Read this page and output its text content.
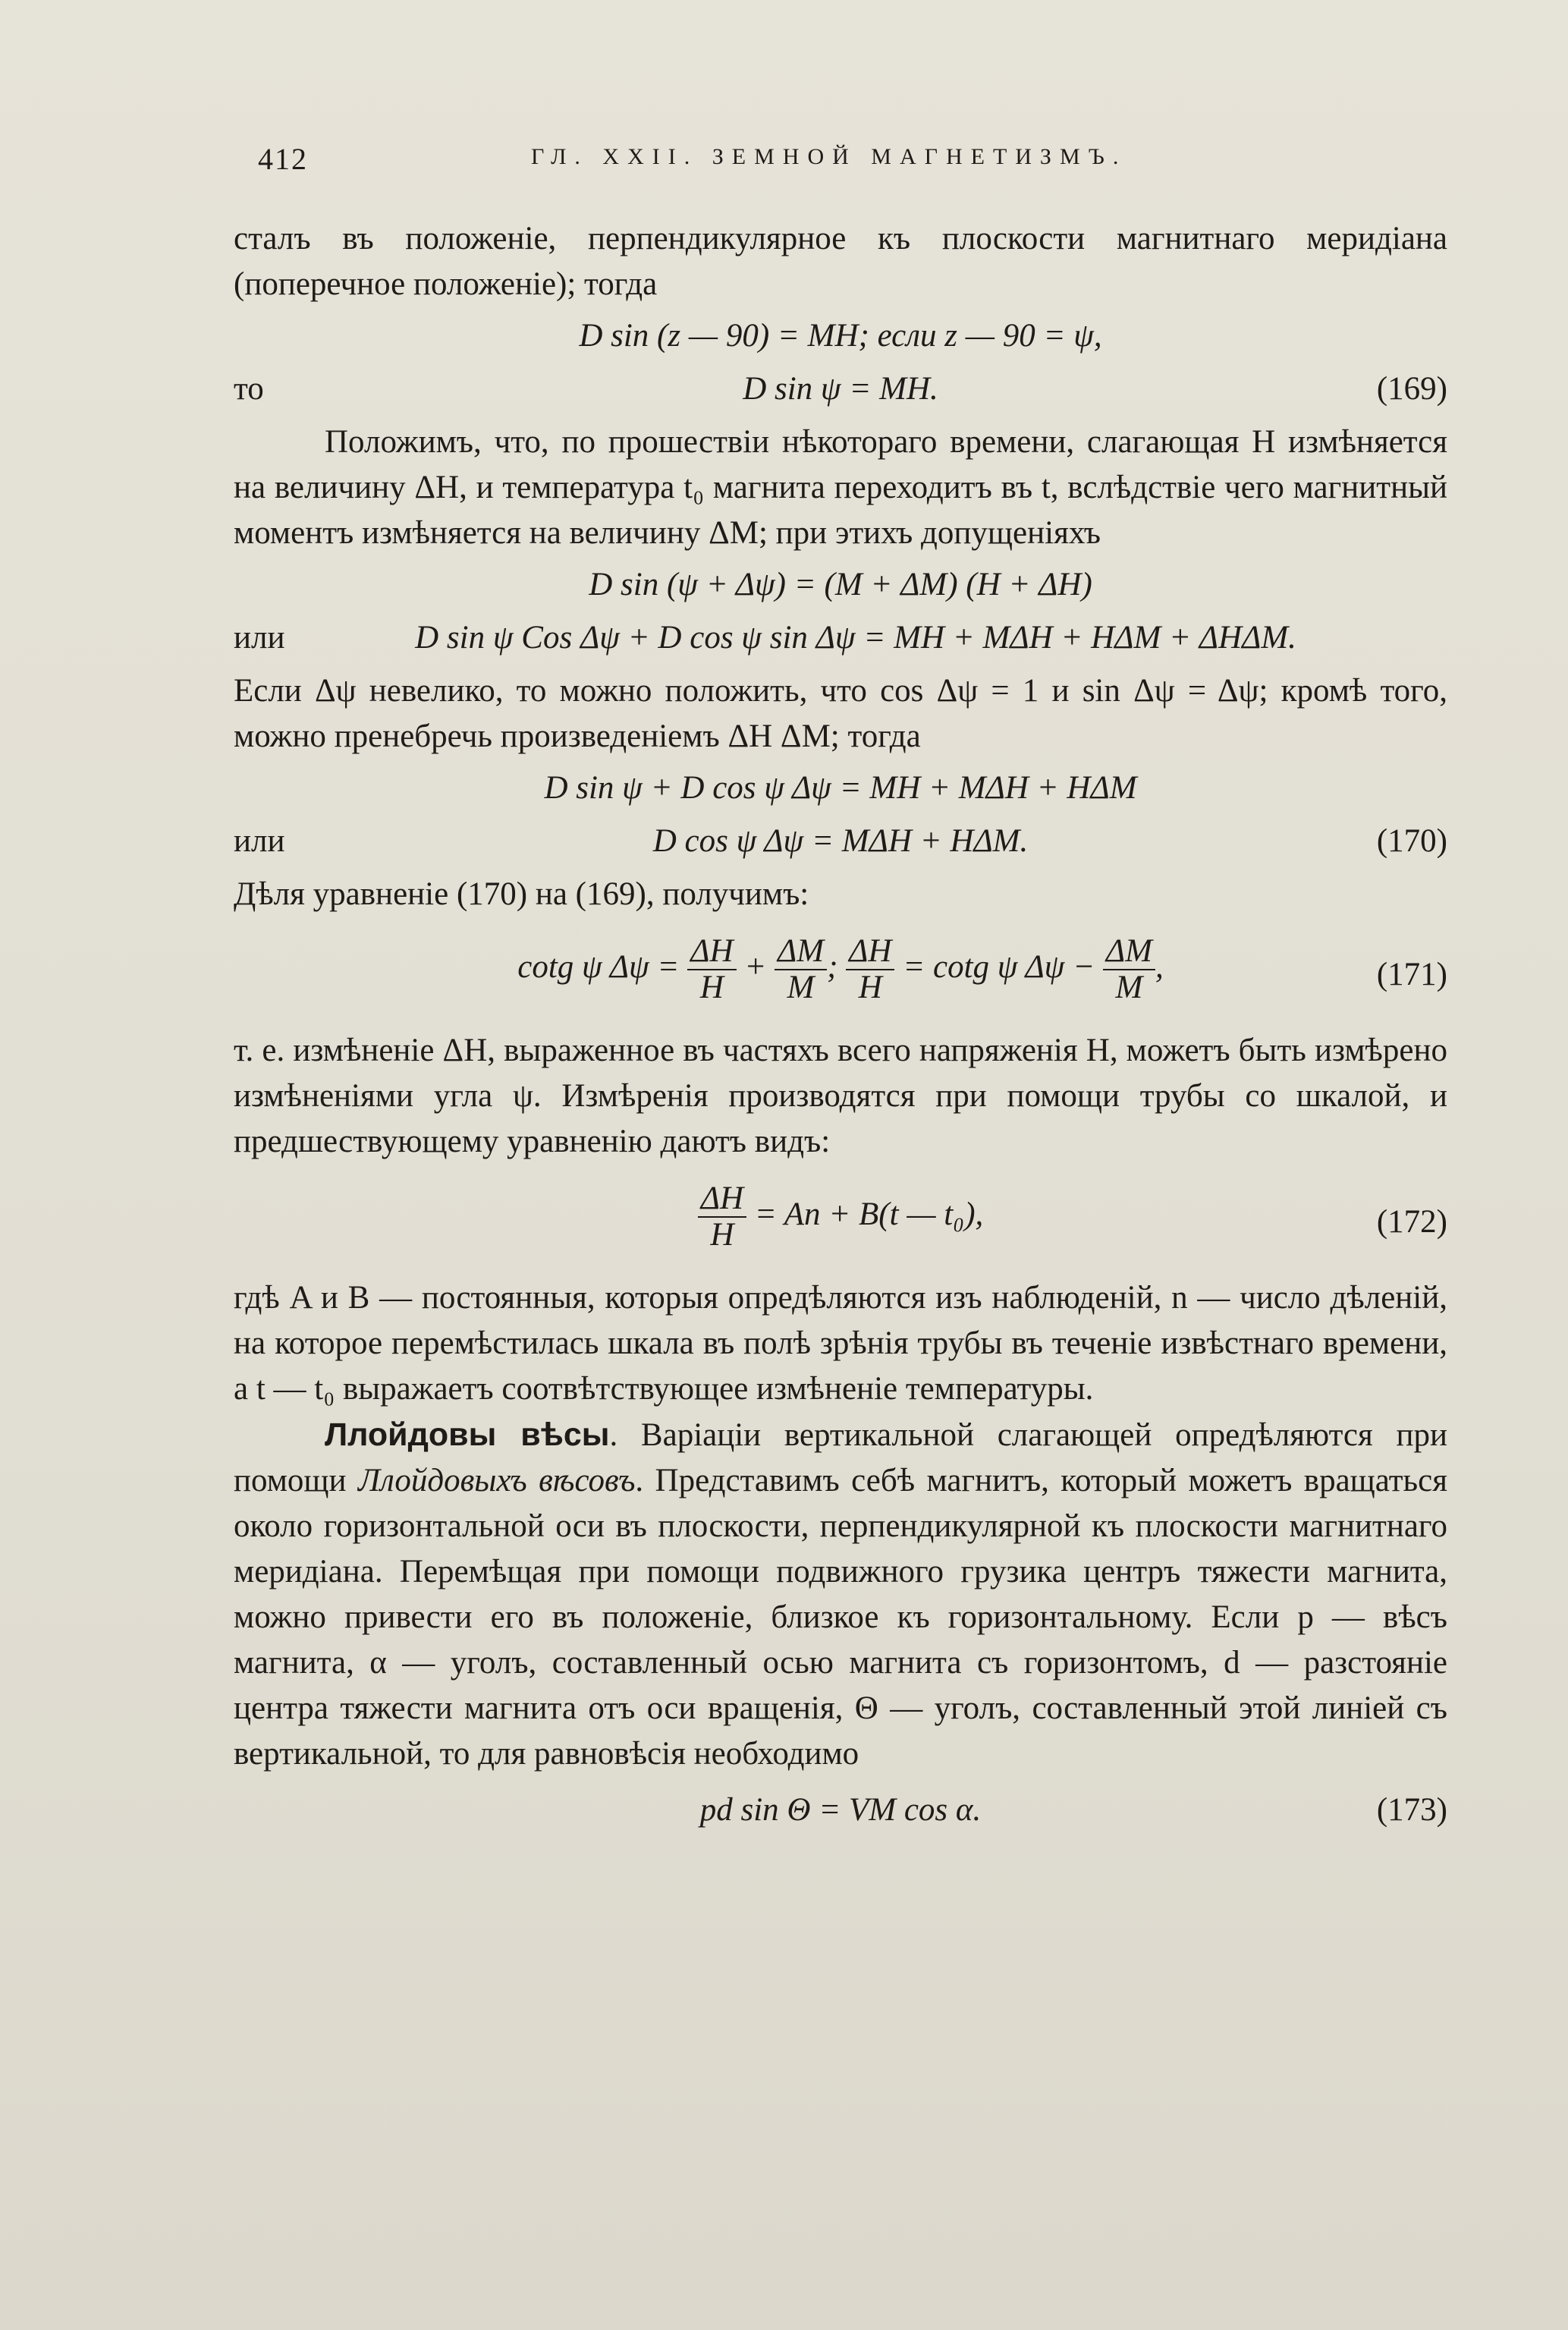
412	ГЛ. XXII. ЗЕМНОЙ МАГНЕТИЗМЪ.

сталъ въ положеніе, перпендикулярное къ плоскости магнитнаго меридіана (поперечное положеніе); тогда

D sin (z — 90) = MH; если z — 90 = ψ,
то	D sin ψ = MH.	(169)

Положимъ, что, по прошествіи нѣкотораго времени, слагающая H измѣняется на величину ΔH, и температура t₀ магнита переходитъ въ t, вслѣдствіе чего магнитный моментъ измѣняется на величину ΔM; при этихъ допущеніяхъ

D sin (ψ + Δψ) = (M + ΔM) (H + ΔH)
или	D sin ψ Cos Δψ + D cos ψ sin Δψ = MH + MΔH + HΔM + ΔHΔM.

Если Δψ невелико, то можно положить, что cos Δψ = 1 и sin Δψ = Δψ; кромѣ того, можно пренебречь произведеніемъ ΔH ΔM; тогда

D sin ψ + D cos ψ Δψ = MH + MΔH + HΔM
или	D cos ψ Δψ = MΔH + HΔM.	(170)

Дѣля уравненіе (170) на (169), получимъ:

cotg ψ $\Delta\psi = \frac{\Delta H}{H} + \frac{\Delta M}{M}$ ; $\frac{\Delta H}{H} = \cot g$ ψ $\Delta\psi - \frac{\Delta M}{M}$ ,	(171)

т. е. измѣненіе ΔH, выраженное въ частяхъ всего напряженія H, можетъ быть измѣрено измѣненіями угла ψ. Измѣренія производятся при помощи трубы со шкалой, и предшествующему уравненію даютъ видъ:

$\frac{\Delta H}{H} = An + B(t$ — t₀),	(172)

гдѣ A и B — постоянныя, которыя опредѣляются изъ наблюденій, n — число дѣленій, на которое перемѣстилась шкала въ полѣ зрѣнія трубы въ теченіе извѣстнаго времени, а t — t₀ выражаетъ соотвѣтствующее измѣненіе температуры.

Ллойдовы вѣсы. Варіаціи вертикальной слагающей опредѣляются при помощи Ллойдовыхъ вѣсовъ. Представимъ себѣ магнитъ, который можетъ вращаться около горизонтальной оси въ плоскости, перпендикулярной къ плоскости магнитнаго меридіана. Перемѣщая при помощи подвижного грузика центръ тяжести магнита, можно привести его въ положеніе, близкое къ горизонтальному. Если p — вѣсъ магнита, α — уголъ, составленный осью магнита съ горизонтомъ, d — разстояніе центра тяжести магнита отъ оси вращенія, Θ — уголъ, составленный этой линіей съ вертикальной, то для равновѣсія необходимо

pd sin Θ = VM cos α.	(173)
